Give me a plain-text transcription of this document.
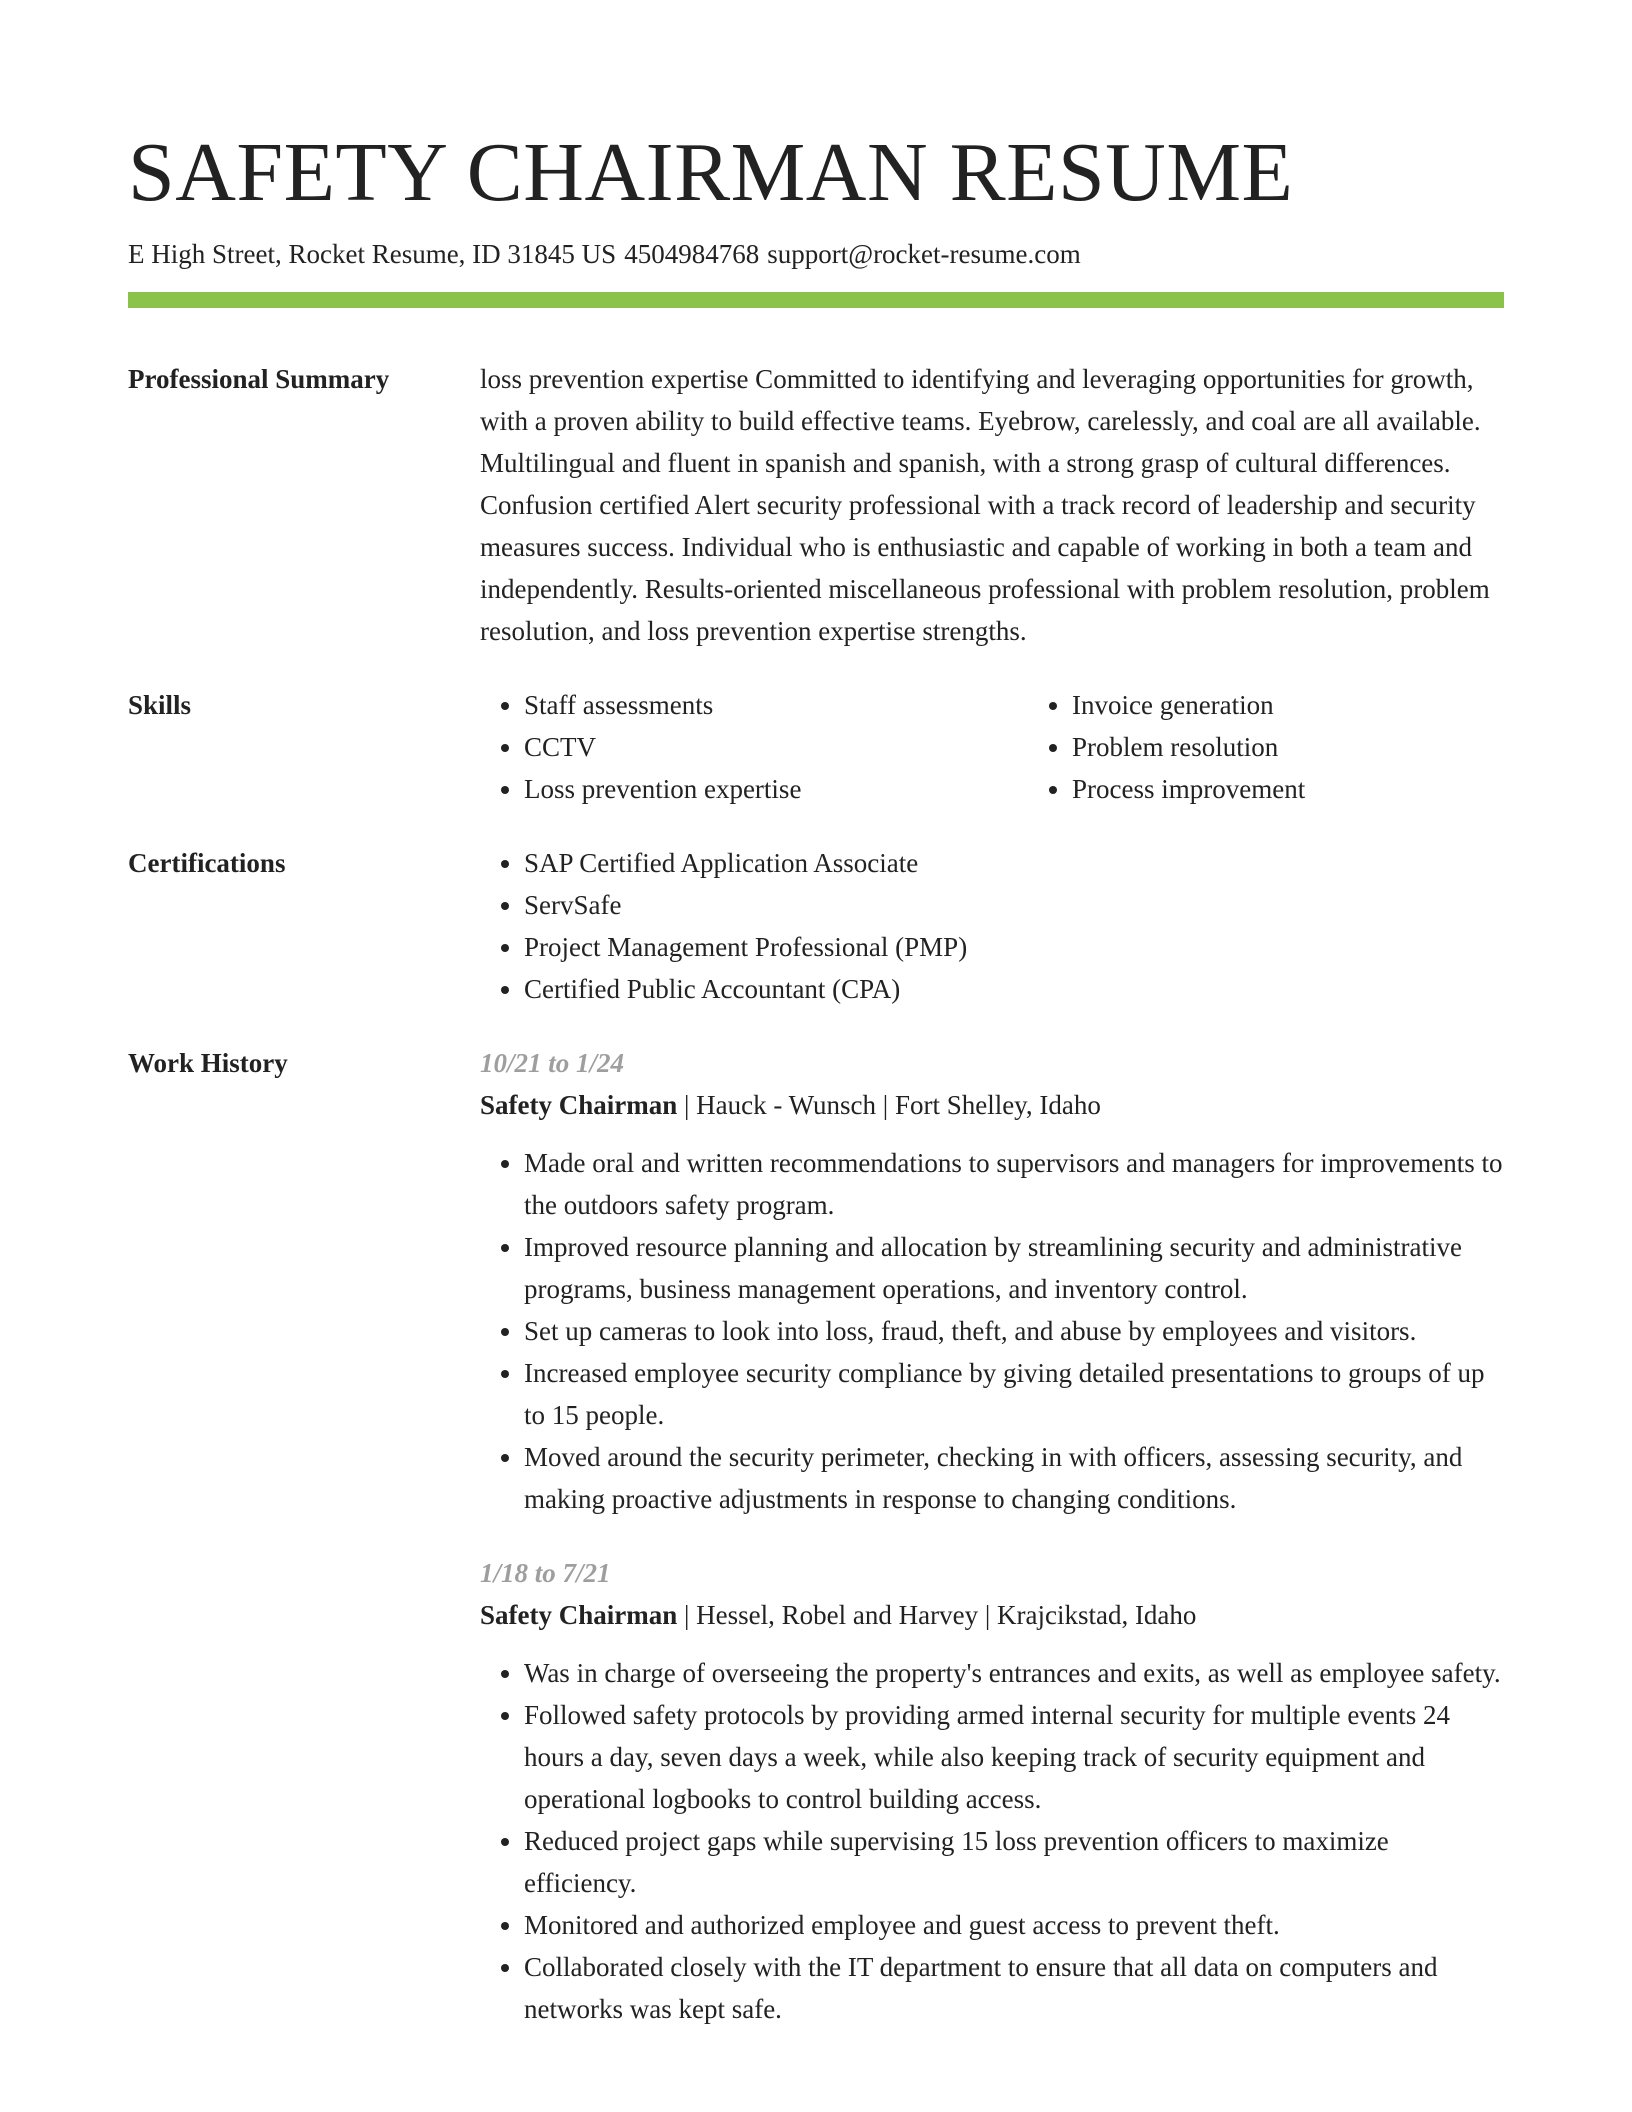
SAFETY CHAIRMAN RESUME
E High Street, Rocket Resume, ID 31845 US 4504984768 support@rocket-resume.com
Professional Summary	loss prevention expertise Committed to identifying and leveraging opportunities for growth, with a proven ability to build effective teams. Eyebrow, carelessly, and coal are all available. Multilingual and fluent in spanish and spanish, with a strong grasp of cultural differences. Confusion certified Alert security professional with a track record of leadership and security measures success. Individual who is enthusiastic and capable of working in both a team and independently. Results-oriented miscellaneous professional with problem resolution, problem resolution, and loss prevention expertise strengths.

Skills	• Staff assessments
• CCTV
• Loss prevention expertise
• Invoice generation
• Problem resolution
• Process improvement
Certifications	• SAP Certified Application Associate
• ServSafe
• Project Management Professional (PMP)
• Certified Public Accountant (CPA)
Work History	10/21 to 1/24
Safety Chairman | Hauck - Wunsch | Fort Shelley, Idaho
• Made oral and written recommendations to supervisors and managers for improvements to the outdoors safety program.
• Improved resource planning and allocation by streamlining security and administrative programs, business management operations, and inventory control.
• Set up cameras to look into loss, fraud, theft, and abuse by employees and visitors.
• Increased employee security compliance by giving detailed presentations to groups of up to 15 people.
• Moved around the security perimeter, checking in with officers, assessing security, and making proactive adjustments in response to changing conditions.
1/18 to 7/21
Safety Chairman | Hessel, Robel and Harvey | Krajcikstad, Idaho
• Was in charge of overseeing the property's entrances and exits, as well as employee safety.
• Followed safety protocols by providing armed internal security for multiple events 24 hours a day, seven days a week, while also keeping track of security equipment and operational logbooks to control building access.
• Reduced project gaps while supervising 15 loss prevention officers to maximize efficiency.
• Monitored and authorized employee and guest access to prevent theft.
• Collaborated closely with the IT department to ensure that all data on computers and networks was kept safe.
